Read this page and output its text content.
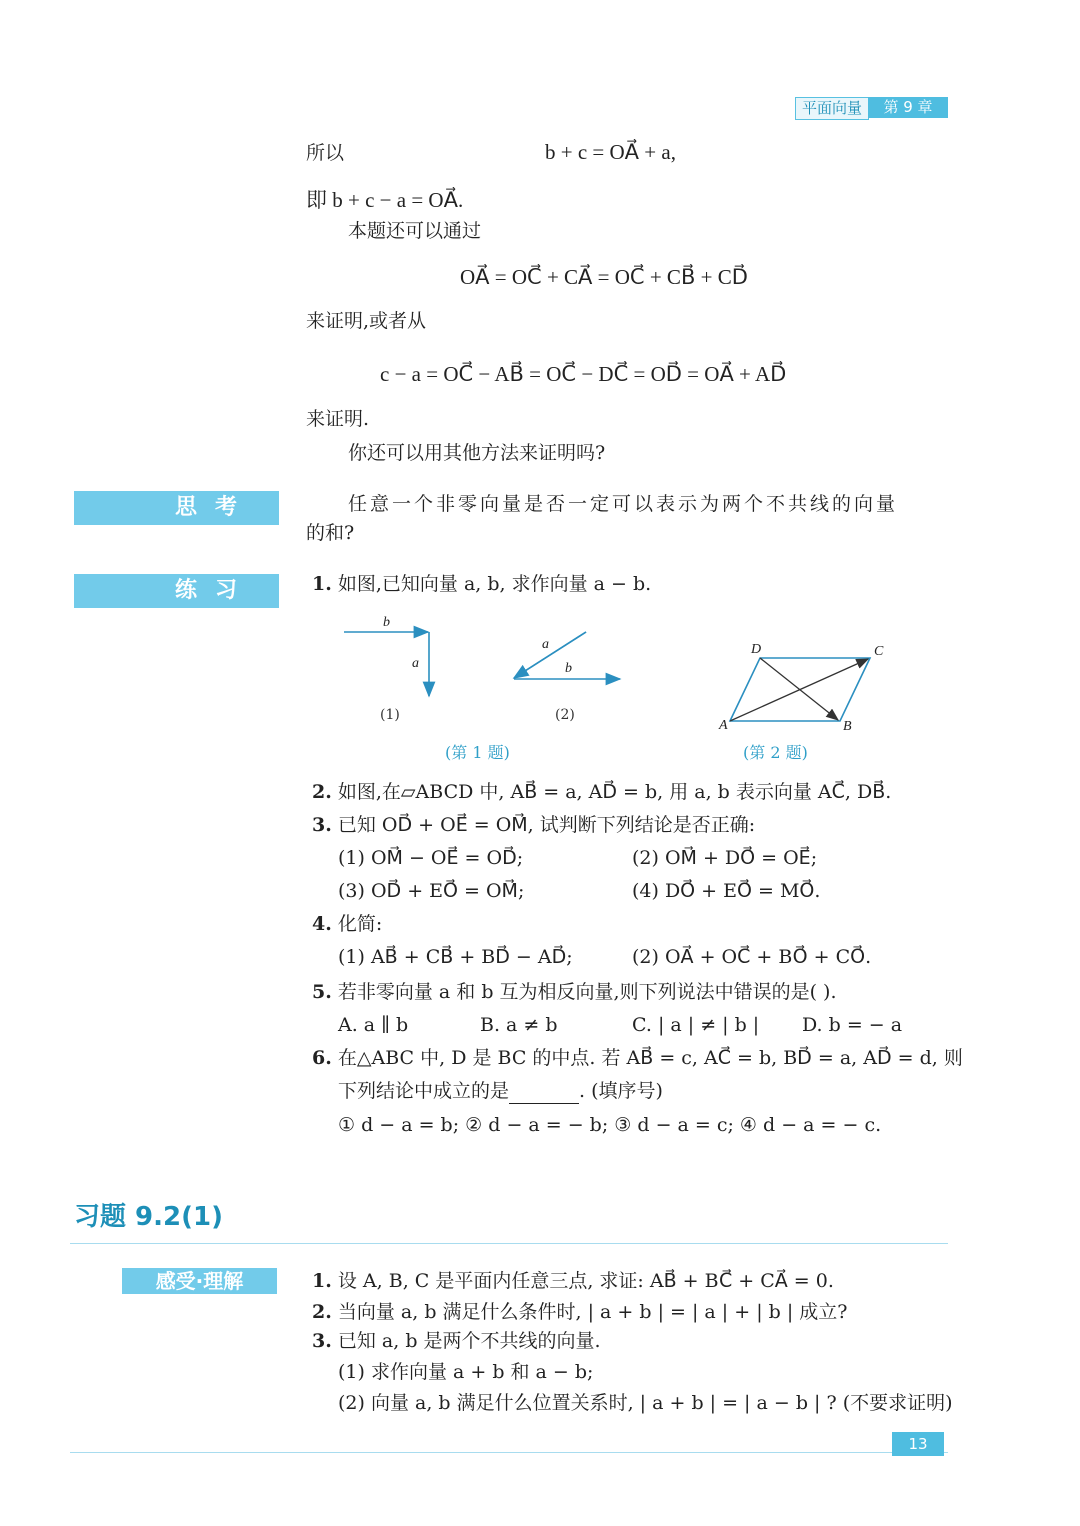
平面向量	第 9 章
所以	b + c = OA⃗ + a,
即 b + c − a = OA⃗.
本题还可以通过
OA⃗ = OC⃗ + CA⃗ = OC⃗ + CB⃗ + CD⃗
来证明,或者从
c − a = OC⃗ − AB⃗ = OC⃗ − DC⃗ = OD⃗ = OA⃗ + AD⃗
来证明.
你还可以用其他方法来证明吗?
思考	任意一个非零向量是否一定可以表示为两个不共线的向量
的和?
练习	1. 如图,已知向量 a, b, 求作向量 a − b.
b
a
(1)
a
b
(2)
(第 1 题)
A	B
C
D
(第 2 题)
2. 如图,在▱ABCD 中, AB⃗ = a, AD⃗ = b, 用 a, b 表示向量 AC⃗, DB⃗.
3. 已知 OD⃗ + OE⃗ = OM⃗, 试判断下列结论是否正确:
(1) OM⃗ − OE⃗ = OD⃗;	(2) OM⃗ + DO⃗ = OE⃗;
(3) OD⃗ + EO⃗ = OM⃗;	(4) DO⃗ + EO⃗ = MO⃗.
4. 化简:
(1) AB⃗ + CB⃗ + BD⃗ − AD⃗;	(2) OA⃗ + OC⃗ + BO⃗ + CO⃗.
5. 若非零向量 a 和 b 互为相反向量,则下列说法中错误的是( ).
A. a ∥ b	B. a ≠ b	C. | a | ≠ | b | D. b = − a
6. 在△ABC 中, D 是 BC 的中点. 若 AB⃗ = c, AC⃗ = b, BD⃗ = a, AD⃗ = d, 则
下列结论中成立的是	. (填序号)
① d − a = b; ② d − a = − b; ③ d − a = c; ④ d − a = − c.
习题 9.2(1)
感受·理解	1. 设 A, B, C 是平面内任意三点, 求证: AB⃗ + BC⃗ + CA⃗ = 0.
2. 当向量 a, b 满足什么条件时, | a + b | = | a | + | b | 成立?
3. 已知 a, b 是两个不共线的向量.
(1) 求作向量 a + b 和 a − b;
(2) 向量 a, b 满足什么位置关系时, | a + b | = | a − b | ? (不要求证明)
13
